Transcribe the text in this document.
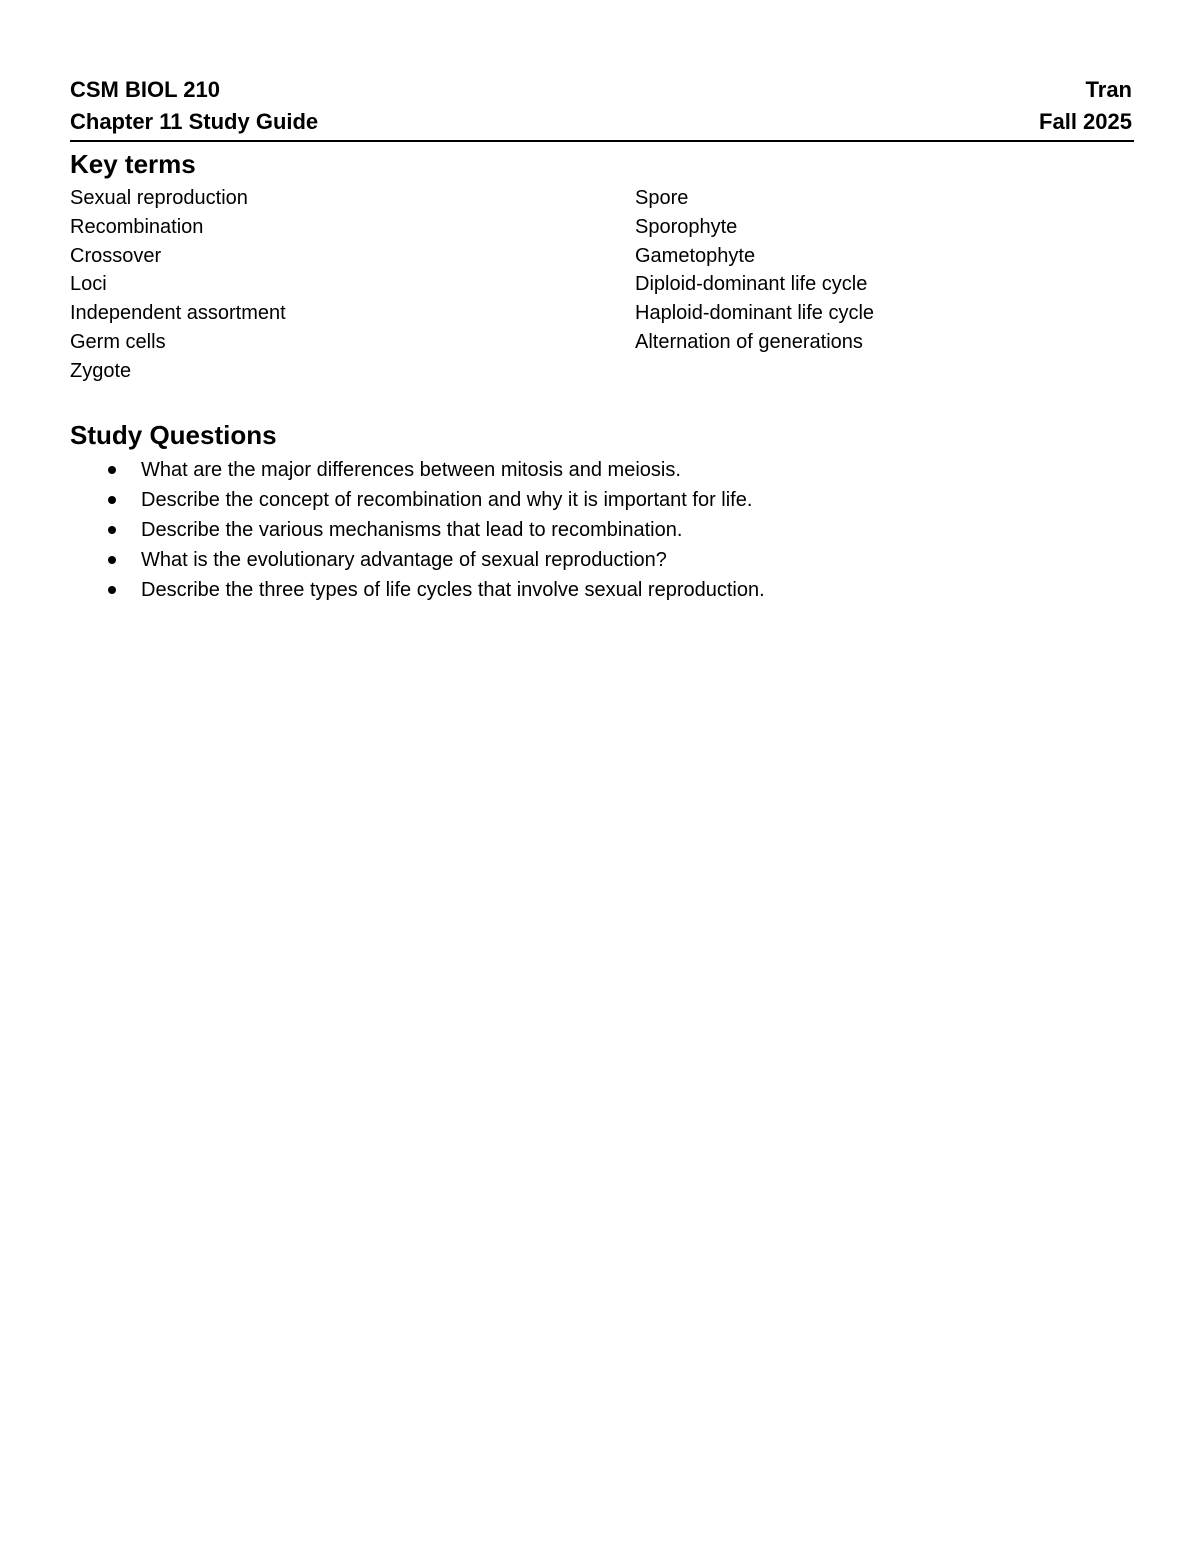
CSM BIOL 210	Tran
Chapter 11 Study Guide	Fall 2025
Key terms
Sexual reproduction
Recombination
Crossover
Loci
Independent assortment
Germ cells
Zygote
Spore
Sporophyte
Gametophyte
Diploid-dominant life cycle
Haploid-dominant life cycle
Alternation of generations
Study Questions
What are the major differences between mitosis and meiosis.
Describe the concept of recombination and why it is important for life.
Describe the various mechanisms that lead to recombination.
What is the evolutionary advantage of sexual reproduction?
Describe the three types of life cycles that involve sexual reproduction.
